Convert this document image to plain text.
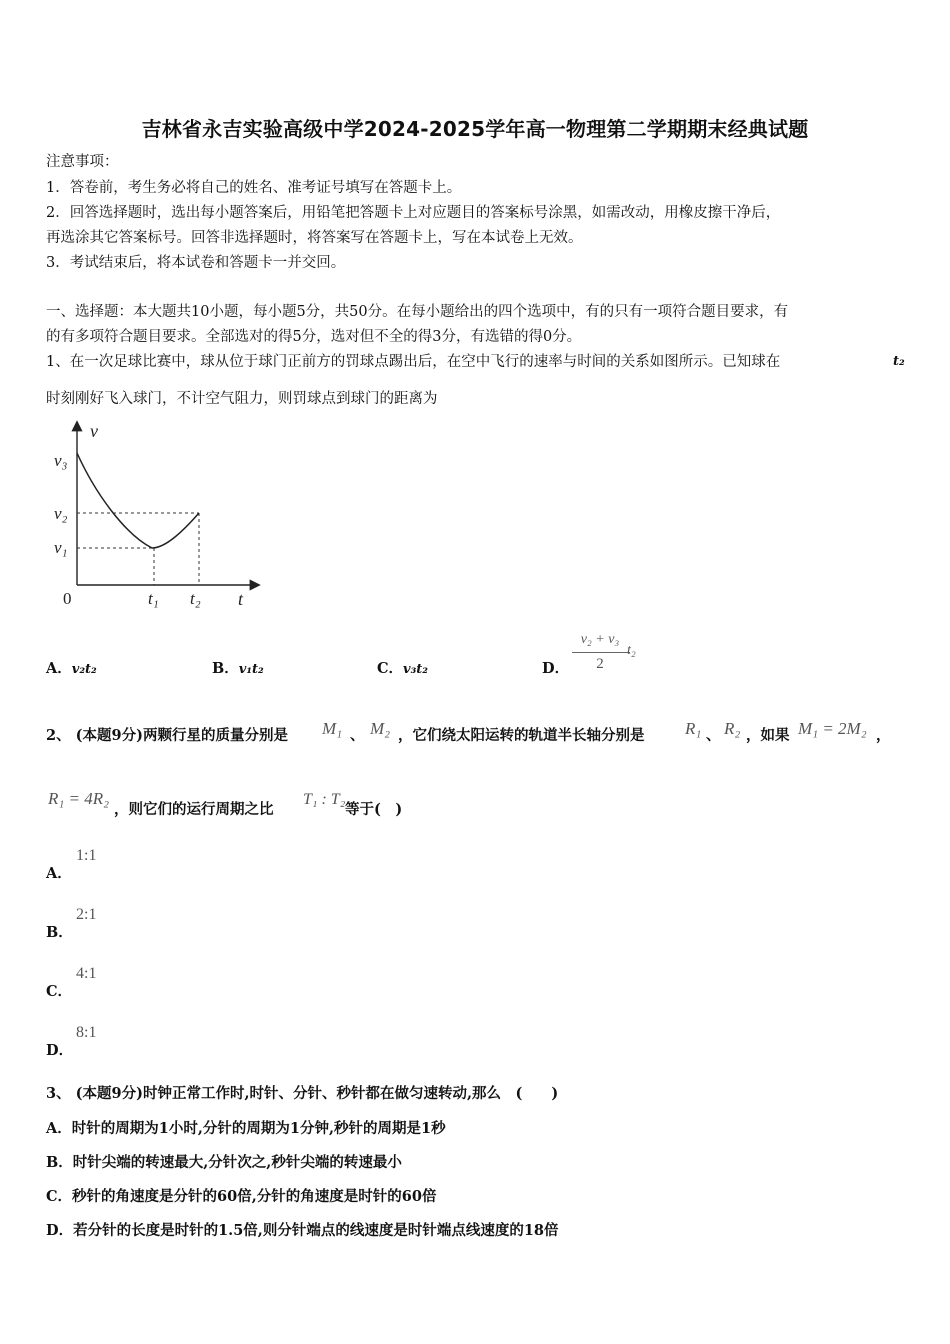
吉林省永吉实验高级中学2024-2025学年高一物理第二学期期末经典试题
注意事项：
1．答卷前，考生务必将自己的姓名、准考证号填写在答题卡上。
2．回答选择题时，选出每小题答案后，用铅笔把答题卡上对应题目的答案标号涂黑，如需改动，用橡皮擦干净后，
再选涂其它答案标号。回答非选择题时，将答案写在答题卡上，写在本试卷上无效。
3．考试结束后，将本试卷和答题卡一并交回。
一、选择题：本大题共10小题，每小题5分，共50分。在每小题给出的四个选项中，有的只有一项符合题目要求，有
的有多项符合题目要求。全部选对的得5分，选对但不全的得3分，有选错的得0分。
1、在一次足球比赛中，球从位于球门正前方的罚球点踢出后，在空中飞行的速率与时间的关系如图所示。已知球在	t₂
时刻刚好飞入球门，不计空气阻力，则罚球点到球门的距离为
v
t
0
v₃
v₂
v₁
t₁ t₂
A．v₂t₂	B．v₁t₂	C．v₃t₂	D．
v₂ + v₃
2
t₂
2、 (本题9分)两颗行星的质量分别是 M₁ 、 M₂ ，它们绕太阳运转的轨道半长轴分别是 R₁ 、 R₂ ，如果 M₁ = 2M₂ ，
R₁ = 4R₂
，则它们的运行周期之比
T₁ : T₂
等于(　)
A．
1:1
B．
2:1
C．
4:1
D．
8:1
3、 (本题9分)时钟正常工作时,时针、分针、秒针都在做匀速转动,那么　(　　)
A．时针的周期为1小时,分针的周期为1分钟,秒针的周期是1秒
B．时针尖端的转速最大,分针次之,秒针尖端的转速最小
C．秒针的角速度是分针的60倍,分针的角速度是时针的60倍
D．若分针的长度是时针的1.5倍,则分针端点的线速度是时针端点线速度的18倍
